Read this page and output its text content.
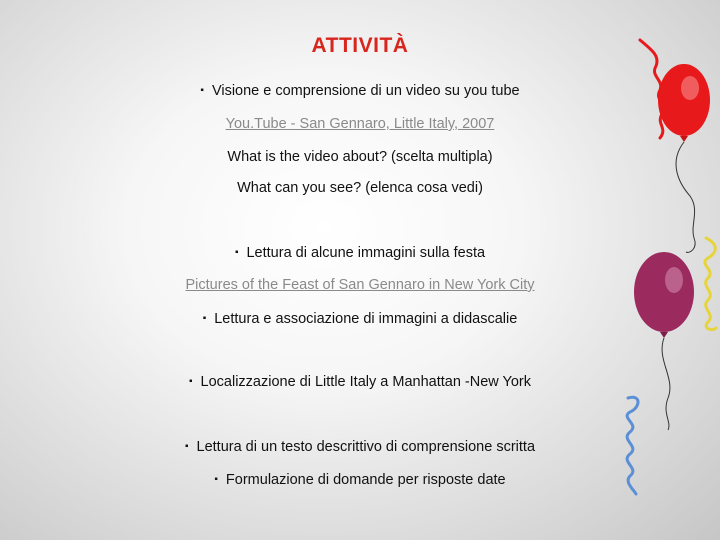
ATTIVITÀ
▪ Visione e comprensione di un video su you tube
You.Tube - San Gennaro, Little Italy, 2007
What is the video about? (scelta multipla)
What can you see? (elenca cosa vedi)
▪ Lettura di alcune immagini sulla festa
Pictures of the Feast of San Gennaro in New York City
▪ Lettura e associazione di immagini a didascalie
▪ Localizzazione di Little Italy a Manhattan -New York
▪ Lettura di un testo descrittivo di comprensione scritta
▪ Formulazione di domande per risposte date
